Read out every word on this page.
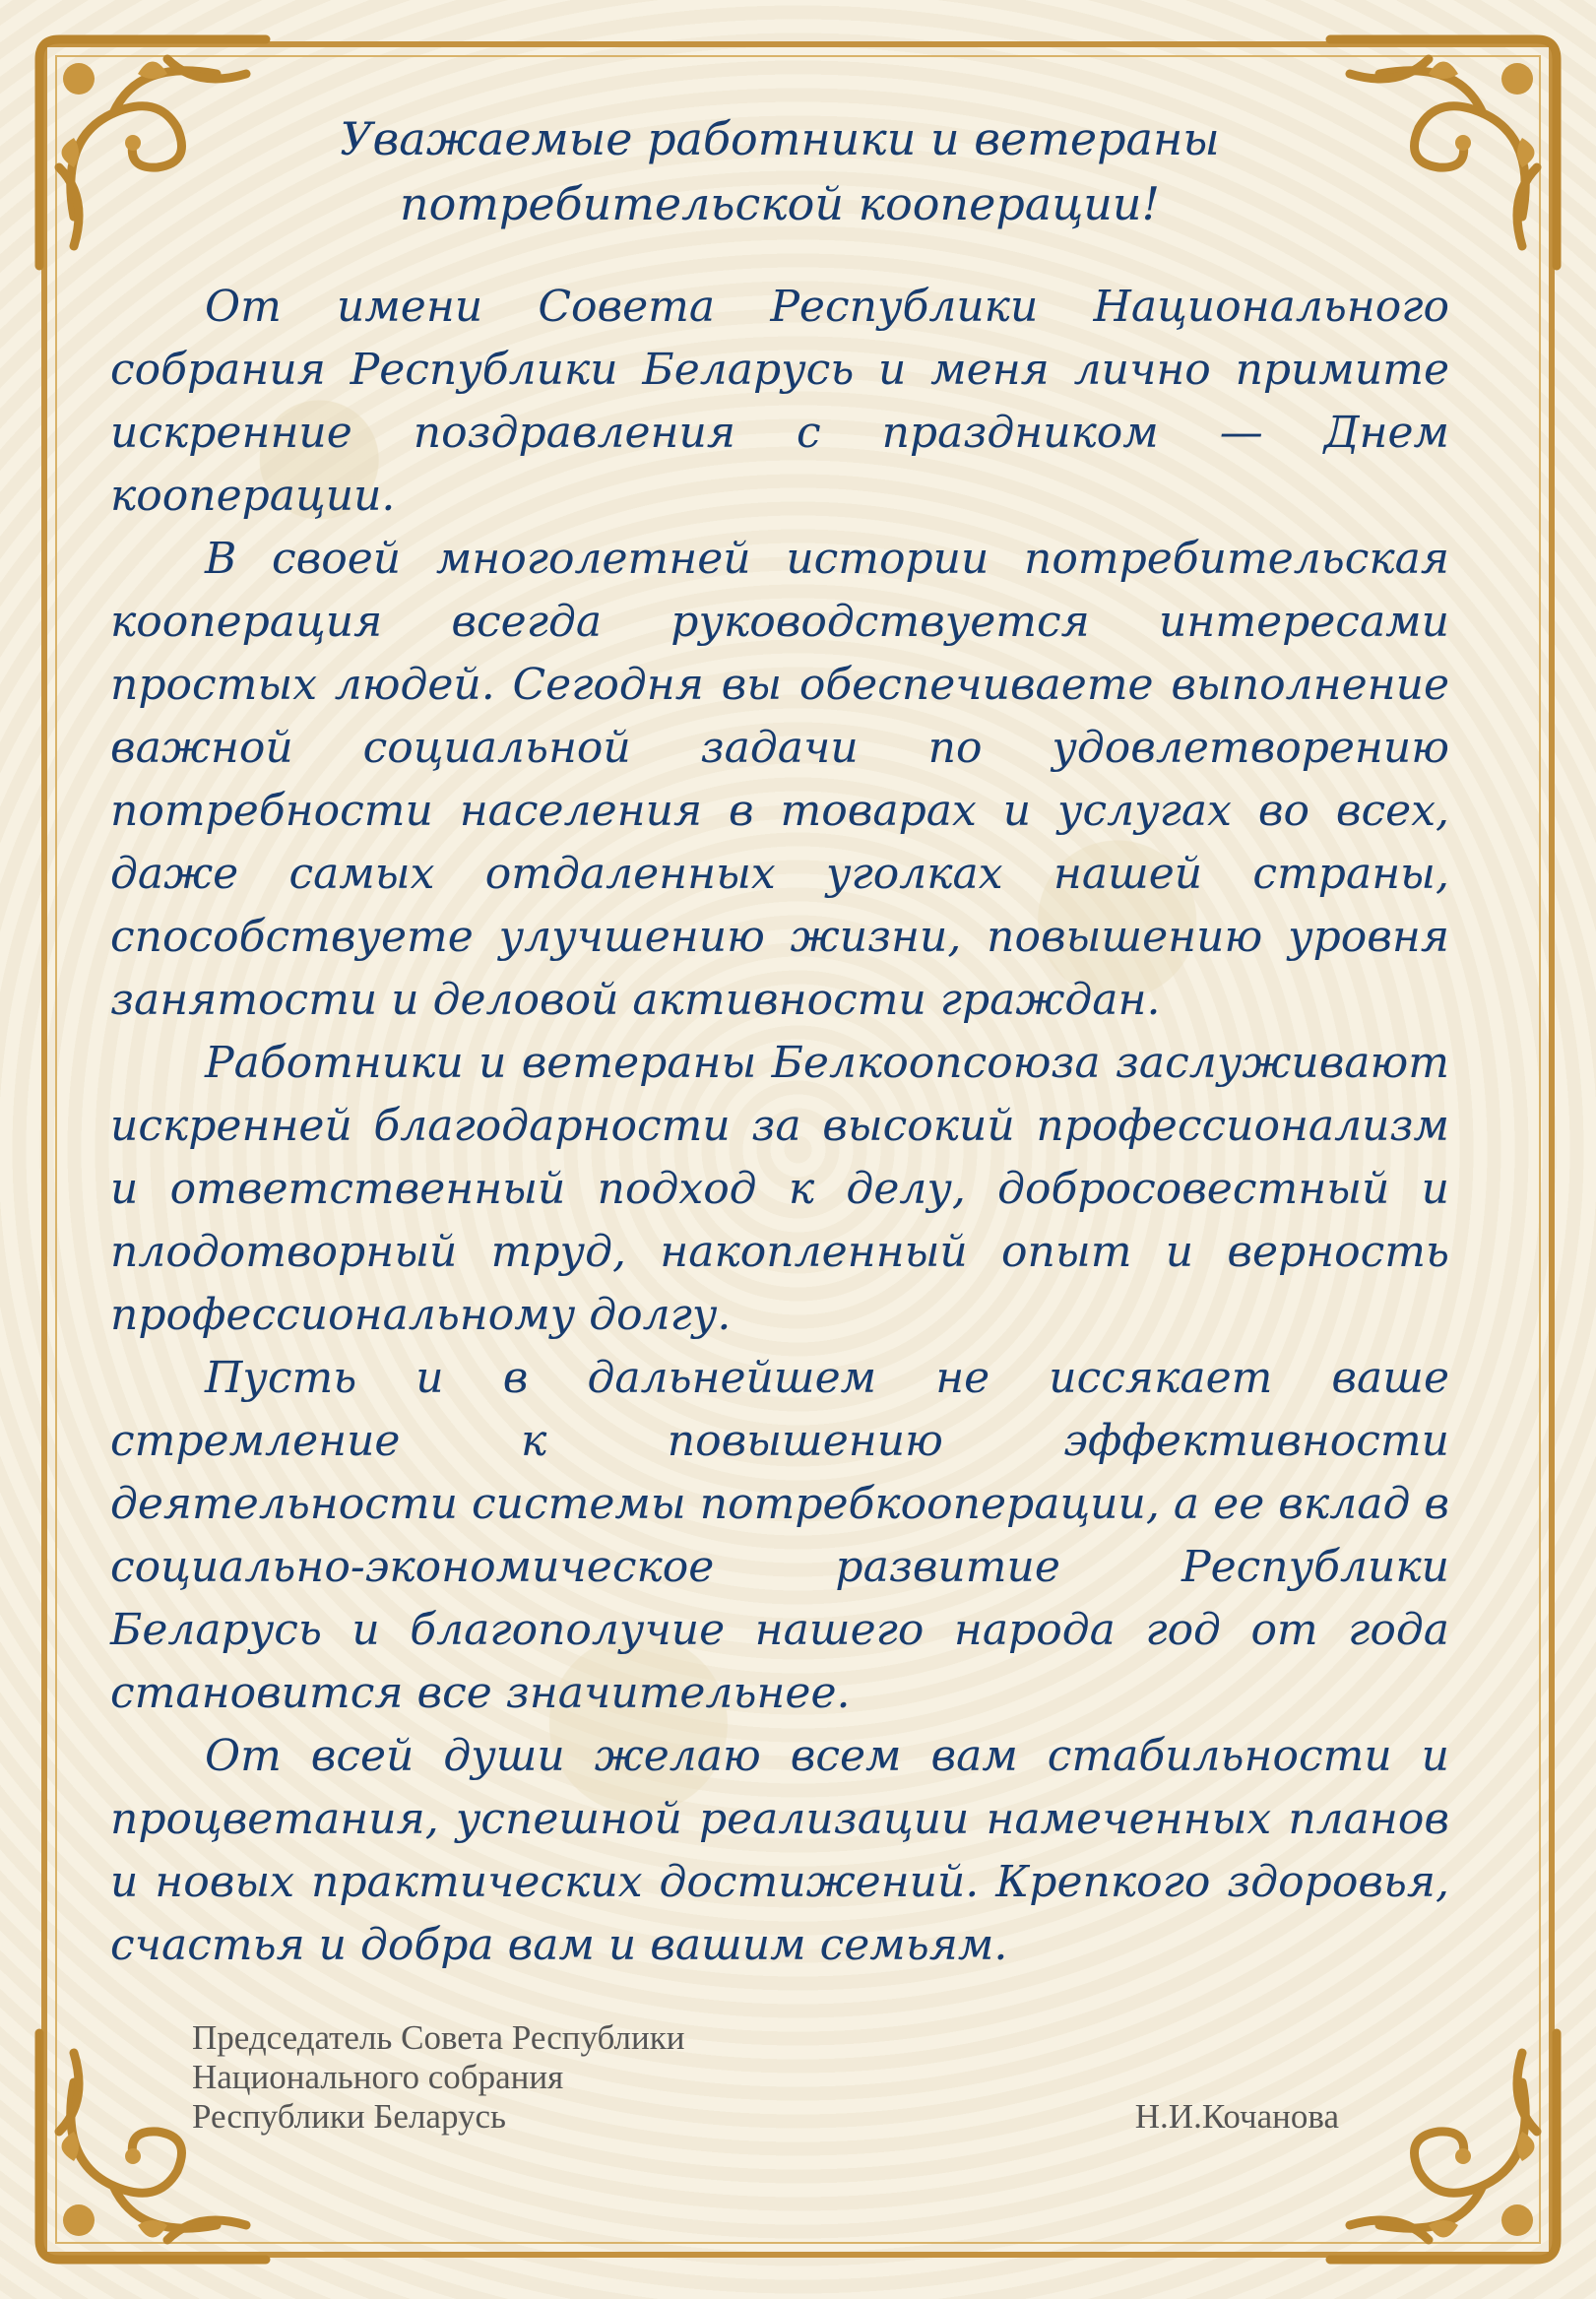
Уважаемые работники и ветераны
потребительской кооперации!

От имени Совета Республики Национального собрания Республики Беларусь и меня лично примите искренние поздравления с праздником — Днем кооперации.

В своей многолетней истории потребительская кооперация всегда руководствуется интересами простых людей. Сегодня вы обеспечиваете выполнение важной социальной задачи по удовлетворению потребности населения в товарах и услугах во всех, даже самых отдаленных уголках нашей страны, способствуете улучшению жизни, повышению уровня занятости и деловой активности граждан.

Работники и ветераны Белкоопсоюза заслуживают искренней благодарности за высокий профессионализм и ответственный подход к делу, добросовестный и плодотворный труд, накопленный опыт и верность профессиональному долгу.

Пусть и в дальнейшем не иссякает ваше стремление к повышению эффективности деятельности системы потребкооперации, а ее вклад в социально-экономическое развитие Республики Беларусь и благополучие нашего народа год от года становится все значительнее.

От всей души желаю всем вам стабильности и процветания, успешной реализации намеченных планов и новых практических достижений. Крепкого здоровья, счастья и добра вам и вашим семьям.

Председатель Совета Республики
Национального собрания
Республики Беларусь	Н.И.Кочанова
